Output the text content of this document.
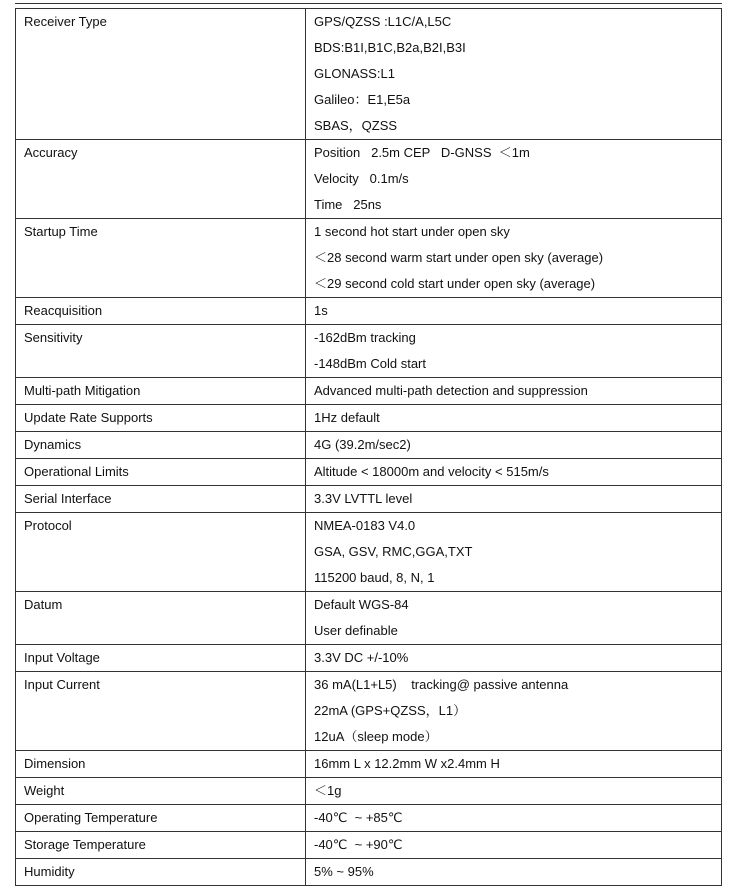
Receiver Type	GPS/QZSS :L1C/A,L5C
BDS:B1I,B1C,B2a,B2I,B3I
GLONASS:L1
Galileo：E1,E5a
SBAS，QZSS

Accuracy	Position   2.5m CEP   D-GNSS  ＜1m
Velocity   0.1m/s
Time   25ns

Startup Time	1 second hot start under open sky
＜28 second warm start under open sky (average)
＜29 second cold start under open sky (average)

Reacquisition	1s

Sensitivity	-162dBm tracking
-148dBm Cold start

Multi-path Mitigation	Advanced multi-path detection and suppression

Update Rate Supports	1Hz default

Dynamics	4G (39.2m/sec2)

Operational Limits	Altitude < 18000m and velocity < 515m/s

Serial Interface	3.3V LVTTL level

Protocol	NMEA-0183 V4.0
GSA, GSV, RMC,GGA,TXT
115200 baud, 8, N, 1

Datum	Default WGS-84
User definable

Input Voltage	3.3V DC +/-10%

Input Current	36 mA(L1+L5)    tracking@ passive antenna
22mA (GPS+QZSS，L1）
12uA（sleep mode）

Dimension	16mm L x 12.2mm W x2.4mm H

Weight	＜1g

Operating Temperature	-40℃  ~ +85℃

Storage Temperature	-40℃  ~ +90℃

Humidity	5% ~ 95%
